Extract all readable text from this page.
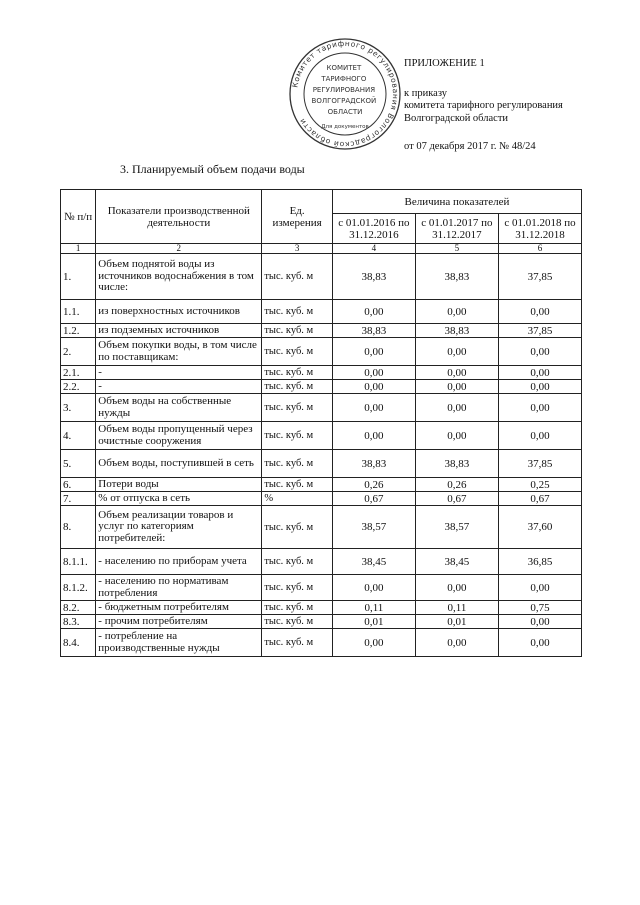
Комитет тарифного регулирования Волгоградской области
КОМИТЕТ ТАРИФНОГО РЕГУЛИРОВАНИЯ ВОЛГОГРАДСКОЙ ОБЛАСТИ
Для документов
ПРИЛОЖЕНИЕ 1
к приказу
комитета тарифного регулирования
Волгоградской области
от 07 декабря 2017 г. № 48/24
3. Планируемый объем подачи воды
№ п/п	Показатели производственной деятельности	Ед. измерения	Величина показателей		
			с 01.01.2016 по 31.12.2016	с 01.01.2017 по 31.12.2017	с 01.01.2018 по 31.12.2018
1	2	3	4	5	6
1.	Объем поднятой воды из источников водоснабжения в том числе:	тыс. куб. м	38,83	38,83	37,85
1.1.	из поверхностных источников	тыс. куб. м	0,00	0,00	0,00
1.2.	из подземных источников	тыс. куб. м	38,83	38,83	37,85
2.	Объем покупки воды, в том числе по поставщикам:	тыс. куб. м	0,00	0,00	0,00
2.1.	-	тыс. куб. м	0,00	0,00	0,00
2.2.	-	тыс. куб. м	0,00	0,00	0,00
3.	Объем воды на собственные нужды	тыс. куб. м	0,00	0,00	0,00
4.	Объем воды пропущенный через очистные сооружения	тыс. куб. м	0,00	0,00	0,00
5.	Объем воды, поступившей в сеть	тыс. куб. м	38,83	38,83	37,85
6.	Потери воды	тыс. куб. м	0,26	0,26	0,25
7.	% от отпуска в сеть	%	0,67	0,67	0,67
8.	Объем реализации товаров и услуг по категориям потребителей:	тыс. куб. м	38,57	38,57	37,60
8.1.1.	- населению по приборам учета	тыс. куб. м	38,45	38,45	36,85
8.1.2.	- населению по нормативам потребления	тыс. куб. м	0,00	0,00	0,00
8.2.	- бюджетным потребителям	тыс. куб. м	0,11	0,11	0,75
8.3.	- прочим потребителям	тыс. куб. м	0,01	0,01	0,00
8.4.	- потребление на производственные нужды	тыс. куб. м	0,00	0,00	0,00
